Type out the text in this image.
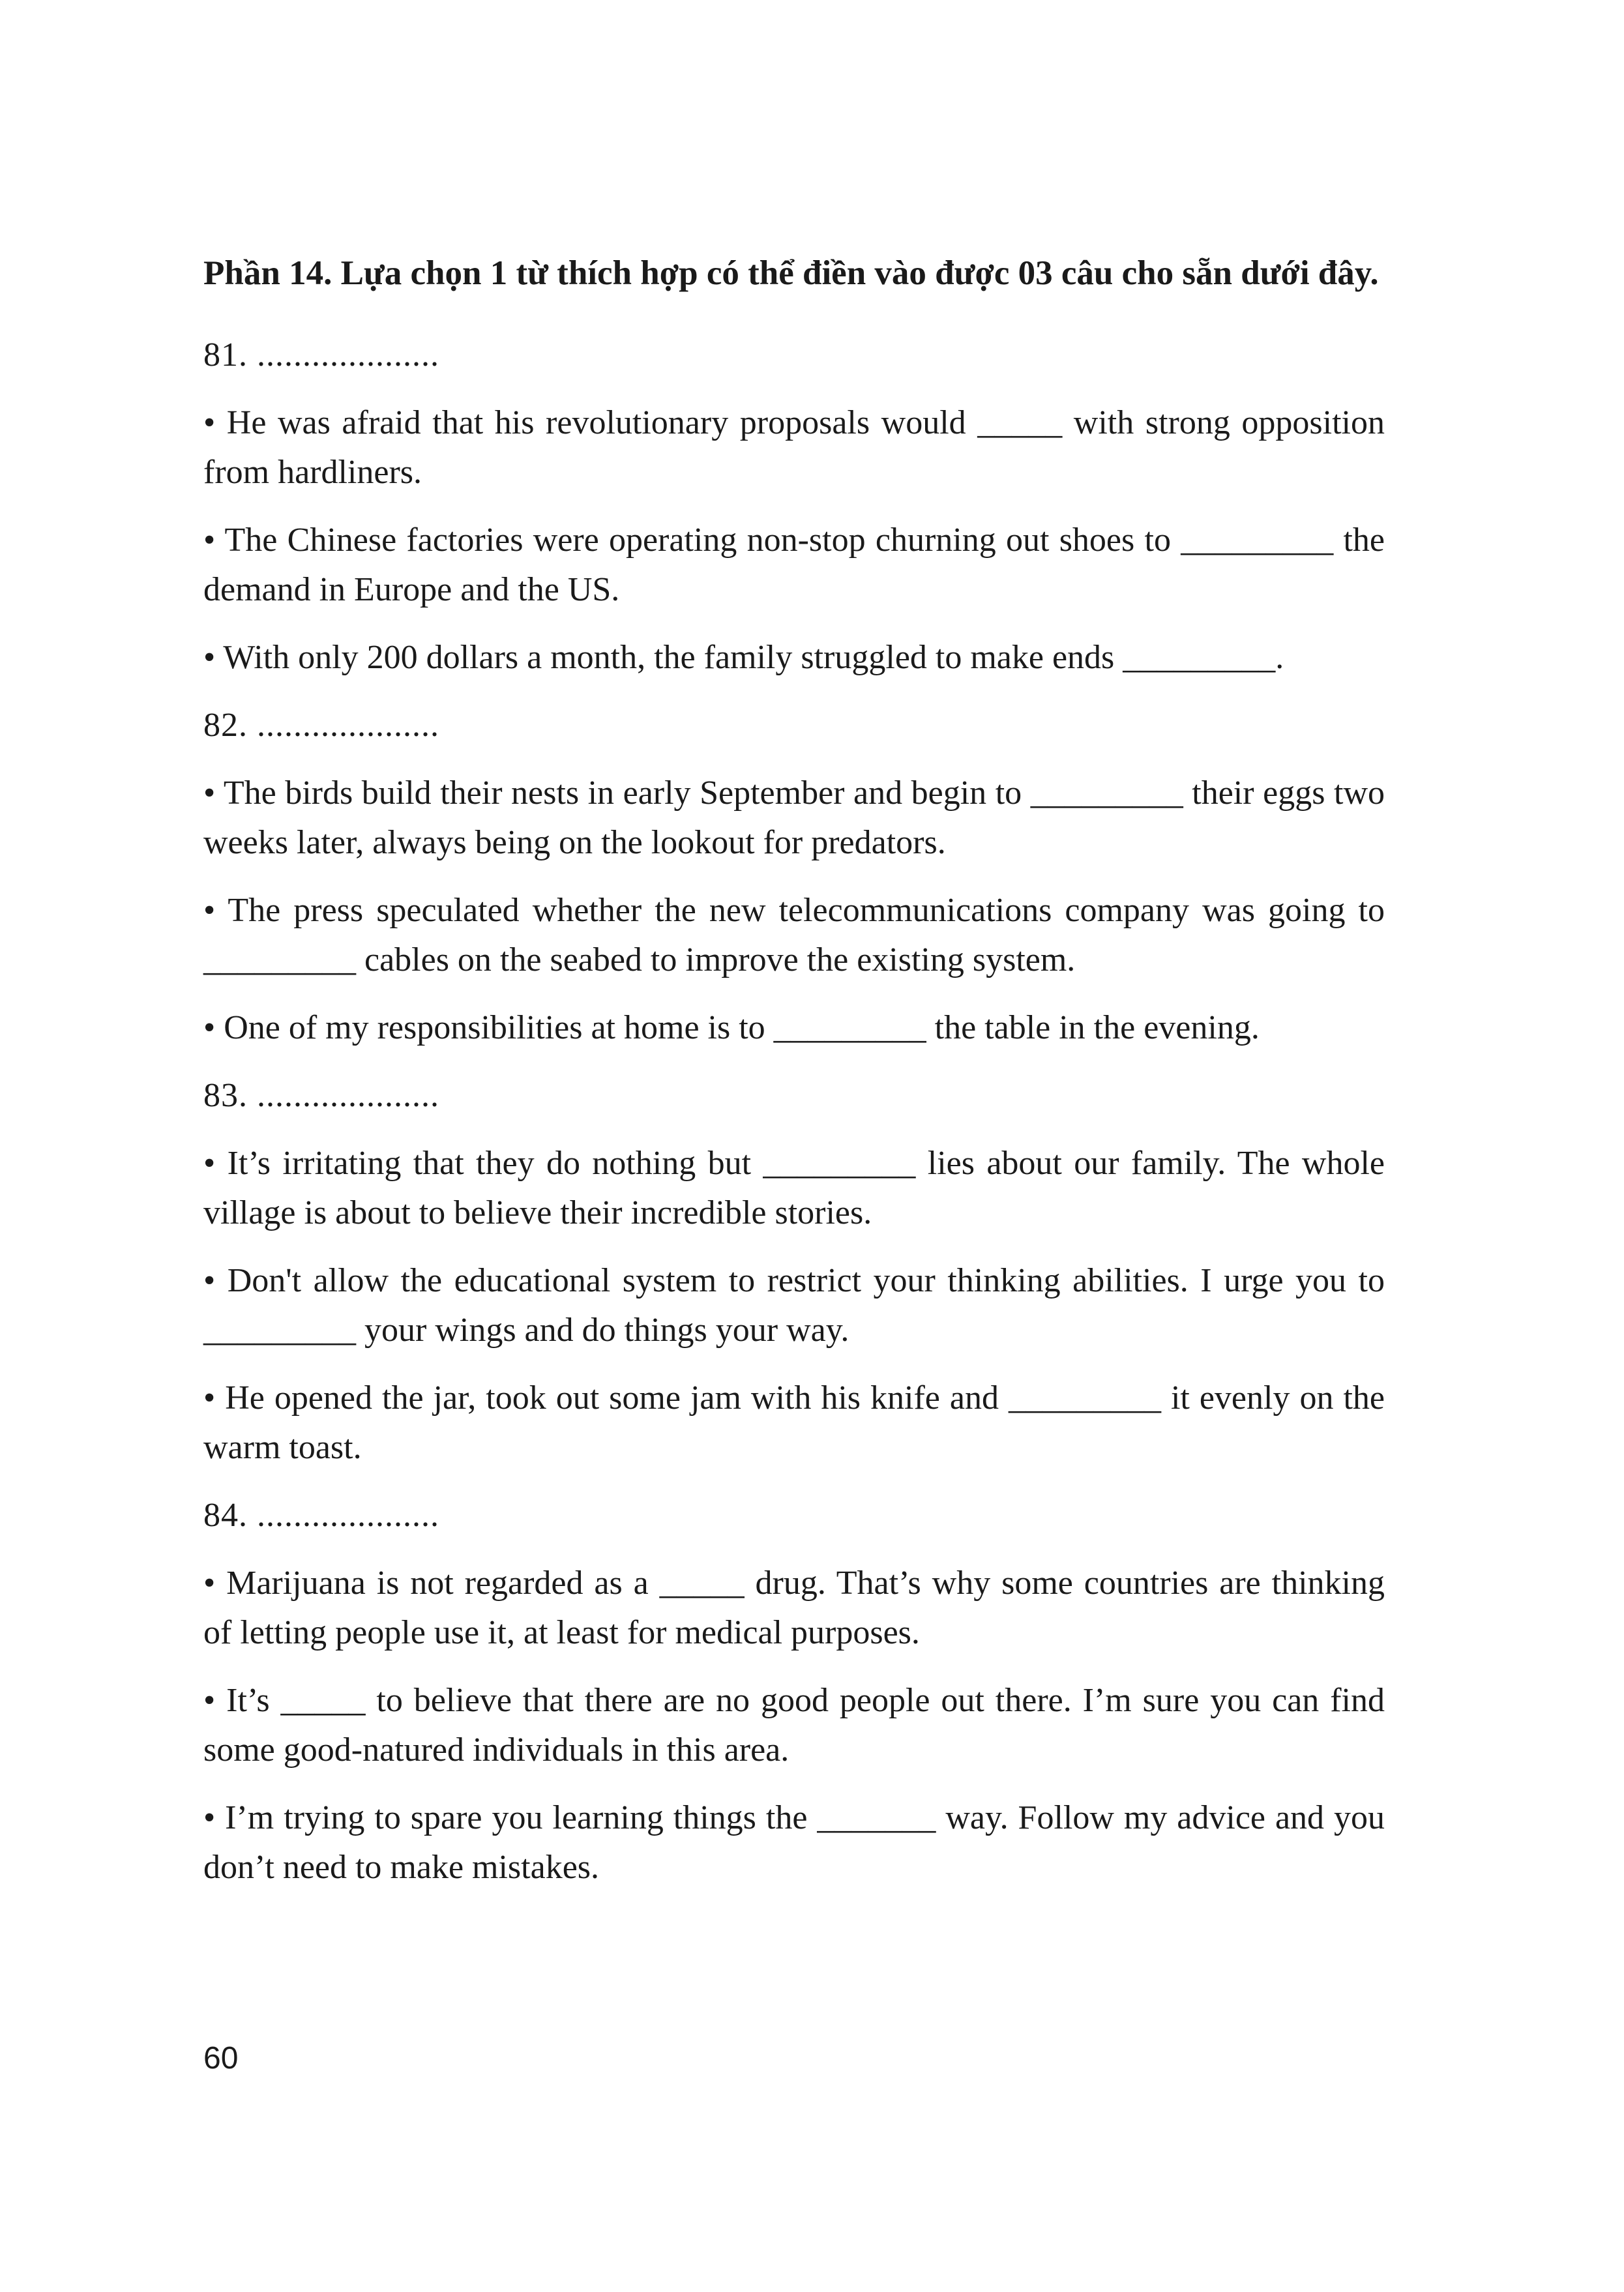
Phần 14. Lựa chọn 1 từ thích hợp có thể điền vào được 03 câu cho sẵn dưới đây.

81. ....................

• He was afraid that his revolutionary proposals would _____ with strong opposition from hardliners.

• The Chinese factories were operating non-stop churning out shoes to _________ the demand in Europe and the US.

• With only 200 dollars a month, the family struggled to make ends _________.

82. ....................

• The birds build their nests in early September and begin to _________ their eggs two weeks later, always being on the lookout for predators.

• The press speculated whether the new telecommunications company was going to _________ cables on the seabed to improve the existing system.

• One of my responsibilities at home is to _________ the table in the evening.

83. ....................

• It’s irritating that they do nothing but _________ lies about our family. The whole village is about to believe their incredible stories.

• Don't allow the educational system to restrict your thinking abilities. I urge you to _________ your wings and do things your way.

• He opened the jar, took out some jam with his knife and _________ it evenly on the warm toast.

84. ....................

• Marijuana is not regarded as a _____ drug. That’s why some countries are thinking of letting people use it, at least for medical purposes.

• It’s _____ to believe that there are no good people out there. I’m sure you can find some good-natured individuals in this area.

• I’m trying to spare you learning things the _______ way. Follow my advice and you don’t need to make mistakes.

60
